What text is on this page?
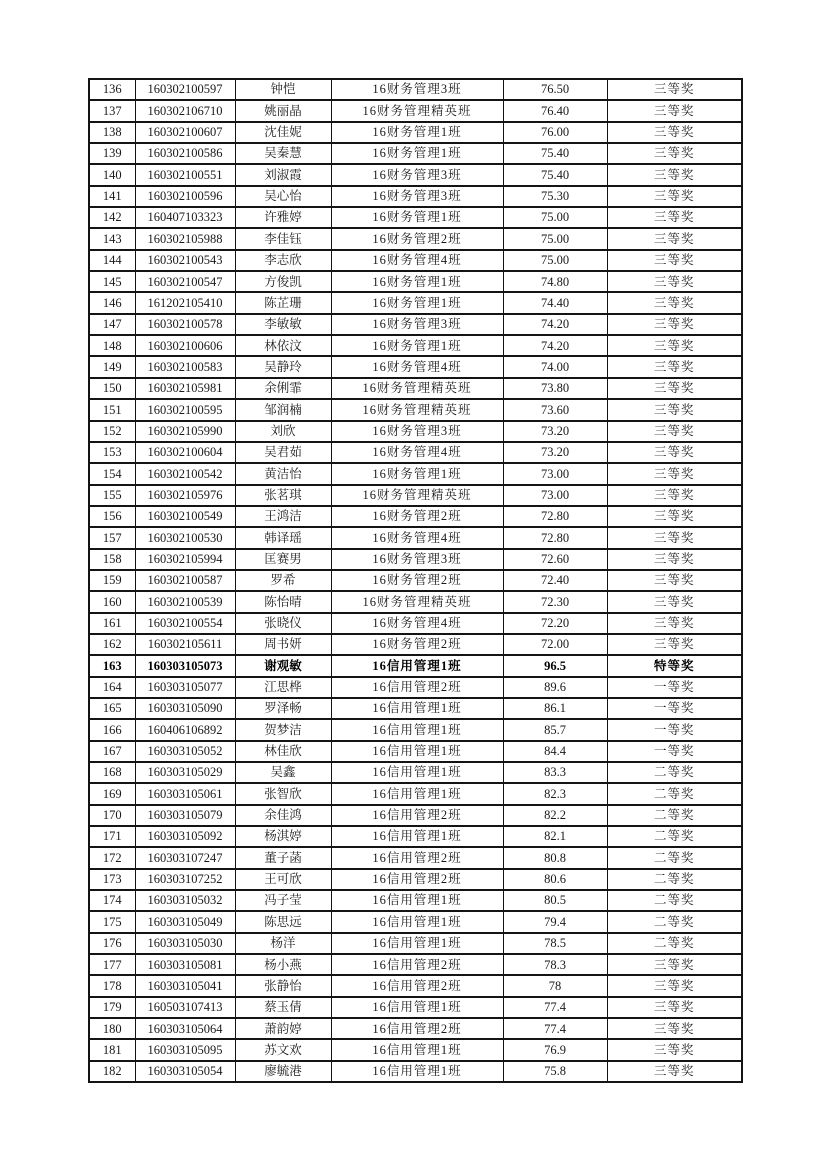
136	160302100597	钟恺	16财务管理3班	76.50	三等奖
137	160302106710	姚丽晶	16财务管理精英班	76.40	三等奖
138	160302100607	沈佳妮	16财务管理1班	76.00	三等奖
139	160302100586	吴秦慧	16财务管理1班	75.40	三等奖
140	160302100551	刘淑霞	16财务管理3班	75.40	三等奖
141	160302100596	吴心怡	16财务管理3班	75.30	三等奖
142	160407103323	许雅婷	16财务管理1班	75.00	三等奖
143	160302105988	李佳钰	16财务管理2班	75.00	三等奖
144	160302100543	李志欣	16财务管理4班	75.00	三等奖
145	160302100547	方俊凯	16财务管理1班	74.80	三等奖
146	161202105410	陈芷珊	16财务管理1班	74.40	三等奖
147	160302100578	李敏敏	16财务管理3班	74.20	三等奖
148	160302100606	林依汶	16财务管理1班	74.20	三等奖
149	160302100583	吴静玲	16财务管理4班	74.00	三等奖
150	160302105981	余俐霏	16财务管理精英班	73.80	三等奖
151	160302100595	邹润楠	16财务管理精英班	73.60	三等奖
152	160302105990	刘欣	16财务管理3班	73.20	三等奖
153	160302100604	吴君茹	16财务管理4班	73.20	三等奖
154	160302100542	黄洁怡	16财务管理1班	73.00	三等奖
155	160302105976	张茗琪	16财务管理精英班	73.00	三等奖
156	160302100549	王鸿洁	16财务管理2班	72.80	三等奖
157	160302100530	韩译瑶	16财务管理4班	72.80	三等奖
158	160302105994	匡赛男	16财务管理3班	72.60	三等奖
159	160302100587	罗希	16财务管理2班	72.40	三等奖
160	160302100539	陈怡晴	16财务管理精英班	72.30	三等奖
161	160302100554	张晓仪	16财务管理4班	72.20	三等奖
162	160302105611	周书妍	16财务管理2班	72.00	三等奖
163	160303105073	谢观敏	16信用管理1班	96.5	特等奖
164	160303105077	江思桦	16信用管理2班	89.6	一等奖
165	160303105090	罗泽畅	16信用管理1班	86.1	一等奖
166	160406106892	贺梦洁	16信用管理1班	85.7	一等奖
167	160303105052	林佳欣	16信用管理1班	84.4	一等奖
168	160303105029	吴鑫	16信用管理1班	83.3	二等奖
169	160303105061	张智欣	16信用管理1班	82.3	二等奖
170	160303105079	余佳鸿	16信用管理2班	82.2	二等奖
171	160303105092	杨淇婷	16信用管理1班	82.1	二等奖
172	160303107247	董子菡	16信用管理2班	80.8	二等奖
173	160303107252	王可欣	16信用管理2班	80.6	二等奖
174	160303105032	冯子莹	16信用管理1班	80.5	二等奖
175	160303105049	陈思远	16信用管理1班	79.4	二等奖
176	160303105030	杨洋	16信用管理1班	78.5	二等奖
177	160303105081	杨小燕	16信用管理2班	78.3	三等奖
178	160303105041	张静怡	16信用管理2班	78	三等奖
179	160503107413	蔡玉倩	16信用管理1班	77.4	三等奖
180	160303105064	萧韵婷	16信用管理2班	77.4	三等奖
181	160303105095	苏文欢	16信用管理1班	76.9	三等奖
182	160303105054	廖毓港	16信用管理1班	75.8	三等奖
